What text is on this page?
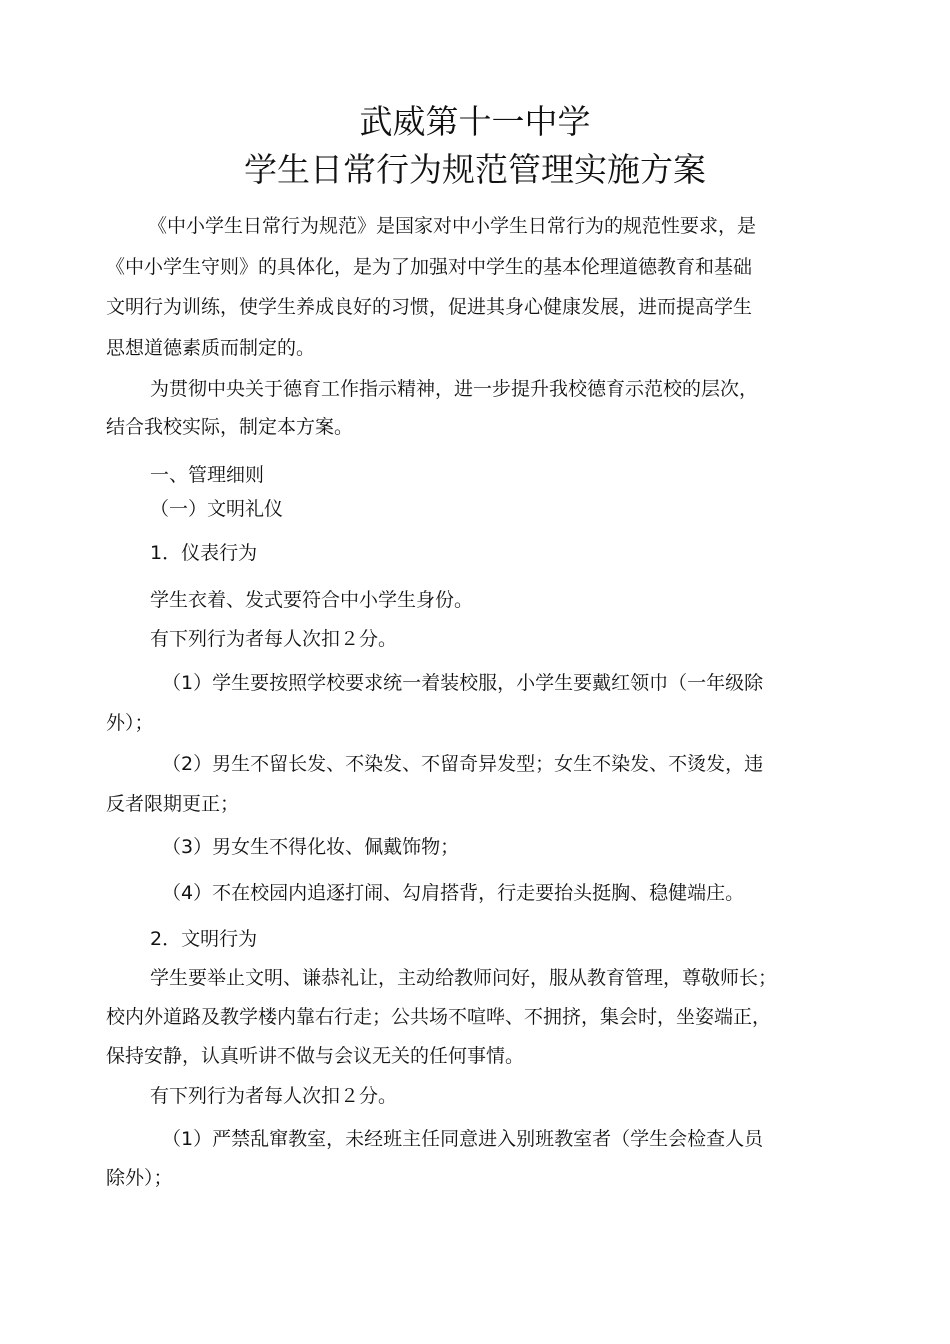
武威第十一中学
学生日常行为规范管理实施方案
《中小学生日常行为规范》是国家对中小学生日常行为的规范性要求，是
《中小学生守则》的具体化，是为了加强对中学生的基本伦理道德教育和基础
文明行为训练，使学生养成良好的习惯，促进其身心健康发展，进而提高学生
思想道德素质而制定的。
为贯彻中央关于德育工作指示精神，进一步提升我校德育示范校的层次，
结合我校实际，制定本方案。
一、管理细则
（一）文明礼仪
1．仪表行为
学生衣着、发式要符合中小学生身份。
有下列行为者每人次扣２分。
（1）学生要按照学校要求统一着装校服，小学生要戴红领巾（一年级除
外）；
（2）男生不留长发、不染发、不留奇异发型；女生不染发、不烫发，违
反者限期更正；
（3）男女生不得化妆、佩戴饰物；
（4）不在校园内追逐打闹、勾肩搭背，行走要抬头挺胸、稳健端庄。
2．文明行为
学生要举止文明、谦恭礼让，主动给教师问好，服从教育管理，尊敬师长；
校内外道路及教学楼内靠右行走；公共场不喧哗、不拥挤，集会时，坐姿端正，
保持安静，认真听讲不做与会议无关的任何事情。
有下列行为者每人次扣２分。
（1）严禁乱窜教室，未经班主任同意进入别班教室者（学生会检查人员
除外）；
